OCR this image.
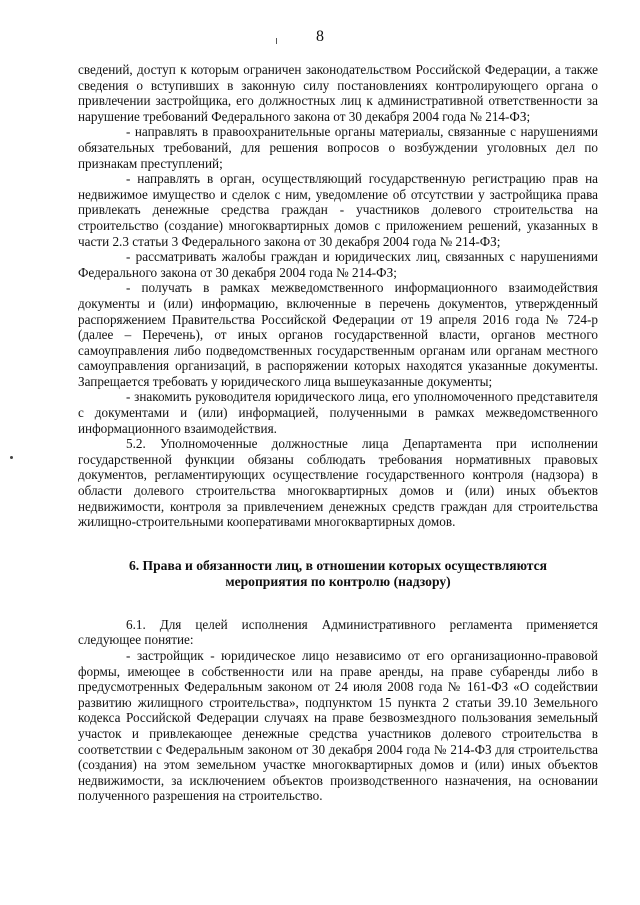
8

сведений, доступ к которым ограничен законодательством Российской Федерации, а также сведения о вступивших в законную силу постановлениях контролирующего органа о привлечении застройщика, его должностных лиц к административной ответственности за нарушение требований Федерального закона от 30 декабря 2004 года № 214-ФЗ;

- направлять в правоохранительные органы материалы, связанные с нарушениями обязательных требований, для решения вопросов о возбуждении уголовных дел по признакам преступлений;

- направлять в орган, осуществляющий государственную регистрацию прав на недвижимое имущество и сделок с ним, уведомление об отсутствии у застройщика права привлекать денежные средства граждан - участников долевого строительства на строительство (создание) многоквартирных домов с приложением решений, указанных в части 2.3 статьи 3 Федерального закона от 30 декабря 2004 года № 214-ФЗ;

- рассматривать жалобы граждан и юридических лиц, связанных с нарушениями Федерального закона от 30 декабря 2004 года № 214-ФЗ;

- получать в рамках межведомственного информационного взаимодействия документы и (или) информацию, включенные в перечень документов, утвержденный распоряжением Правительства Российской Федерации от 19 апреля 2016 года № 724-р (далее – Перечень), от иных органов государственной власти, органов местного самоуправления либо подведомственных государственным органам или органам местного самоуправления организаций, в распоряжении которых находятся указанные документы. Запрещается требовать у юридического лица вышеуказанные документы;

- знакомить руководителя юридического лица, его уполномоченного представителя с документами и (или) информацией, полученными в рамках межведомственного информационного взаимодействия.

5.2. Уполномоченные должностные лица Департамента при исполнении государственной функции обязаны соблюдать требования нормативных правовых документов, регламентирующих осуществление государственного контроля (надзора) в области долевого строительства многоквартирных домов и (или) иных объектов недвижимости, контроля за привлечением денежных средств граждан для строительства жилищно-строительными кооперативами многоквартирных домов.

6. Права и обязанности лиц, в отношении которых осуществляются
мероприятия по контролю (надзору)

6.1. Для целей исполнения Административного регламента применяется следующее понятие:

- застройщик - юридическое лицо независимо от его организационно-правовой формы, имеющее в собственности или на праве аренды, на праве субаренды либо в предусмотренных Федеральным законом от 24 июля 2008 года № 161-ФЗ «О содействии развитию жилищного строительства», подпунктом 15 пункта 2 статьи 39.10 Земельного кодекса Российской Федерации случаях на праве безвозмездного пользования земельный участок и привлекающее денежные средства участников долевого строительства в соответствии с Федеральным законом от 30 декабря 2004 года № 214-ФЗ для строительства (создания) на этом земельном участке многоквартирных домов и (или) иных объектов недвижимости, за исключением объектов производственного назначения, на основании полученного разрешения на строительство.
